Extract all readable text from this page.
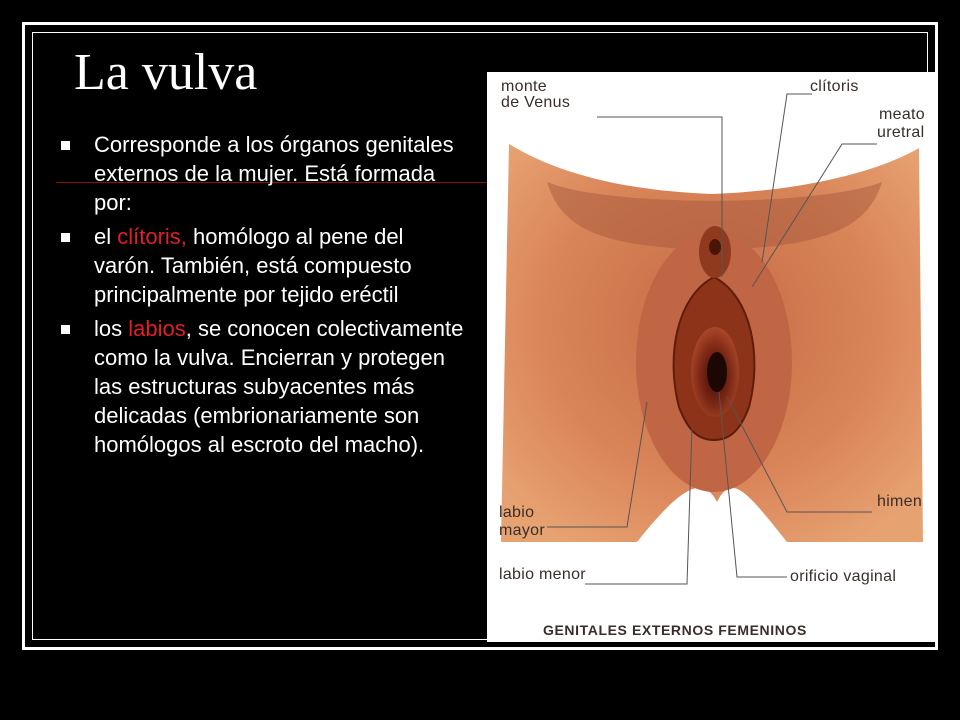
La vulva
Corresponde a los órganos genitales externos de la mujer. Está formada por:
el clítoris, homólogo al pene del varón. También, está compuesto principalmente por tejido eréctil
los labios, se conocen colectivamente como la vulva. Encierran y protegen las estructuras subyacentes más delicadas (embrionariamente son homólogos al escroto del macho).
monte
de Venus
clítoris
meato
uretral
labio
mayor
himen
labio menor	orificio vaginal
GENITALES EXTERNOS FEMENINOS
